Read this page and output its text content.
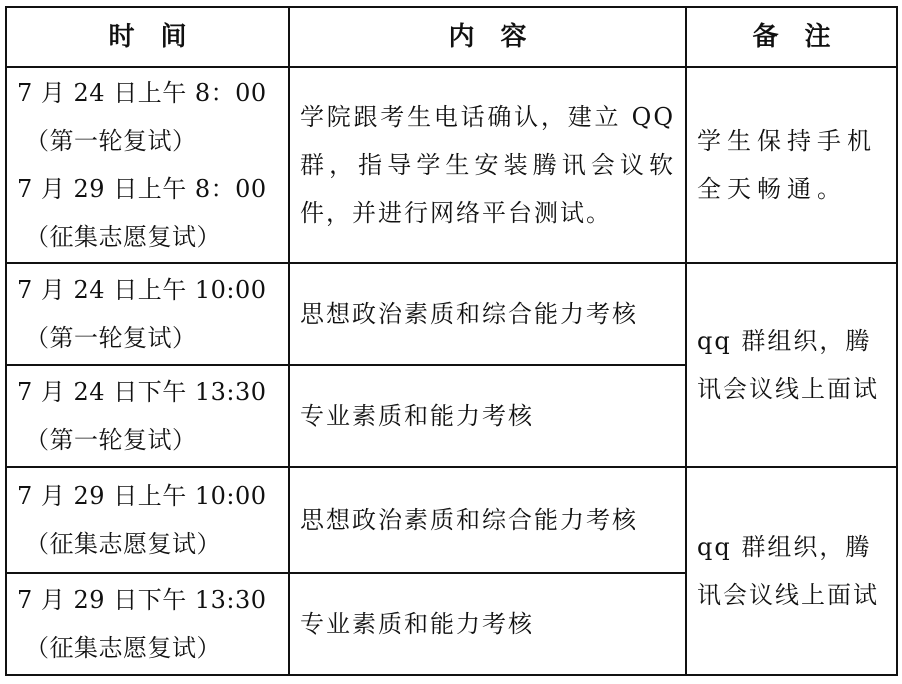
时间	内容	备注

7 月 24 日上午 8：00
（第一轮复试）
7 月 29 日上午 8：00
（征集志愿复试）	学院跟考生电话确认，建立 QQ 群，指导学生安装腾讯会议软件，并进行网络平台测试。	学生保持手机全天畅通。

7 月 24 日上午 10:00
（第一轮复试）	思想政治素质和综合能力考核	qq 群组织，腾讯会议线上面试

7 月 24 日下午 13:30
（第一轮复试）	专业素质和能力考核	

7 月 29 日上午 10:00
（征集志愿复试）	思想政治素质和综合能力考核	qq 群组织，腾讯会议线上面试

7 月 29 日下午 13:30
（征集志愿复试）	专业素质和能力考核	
